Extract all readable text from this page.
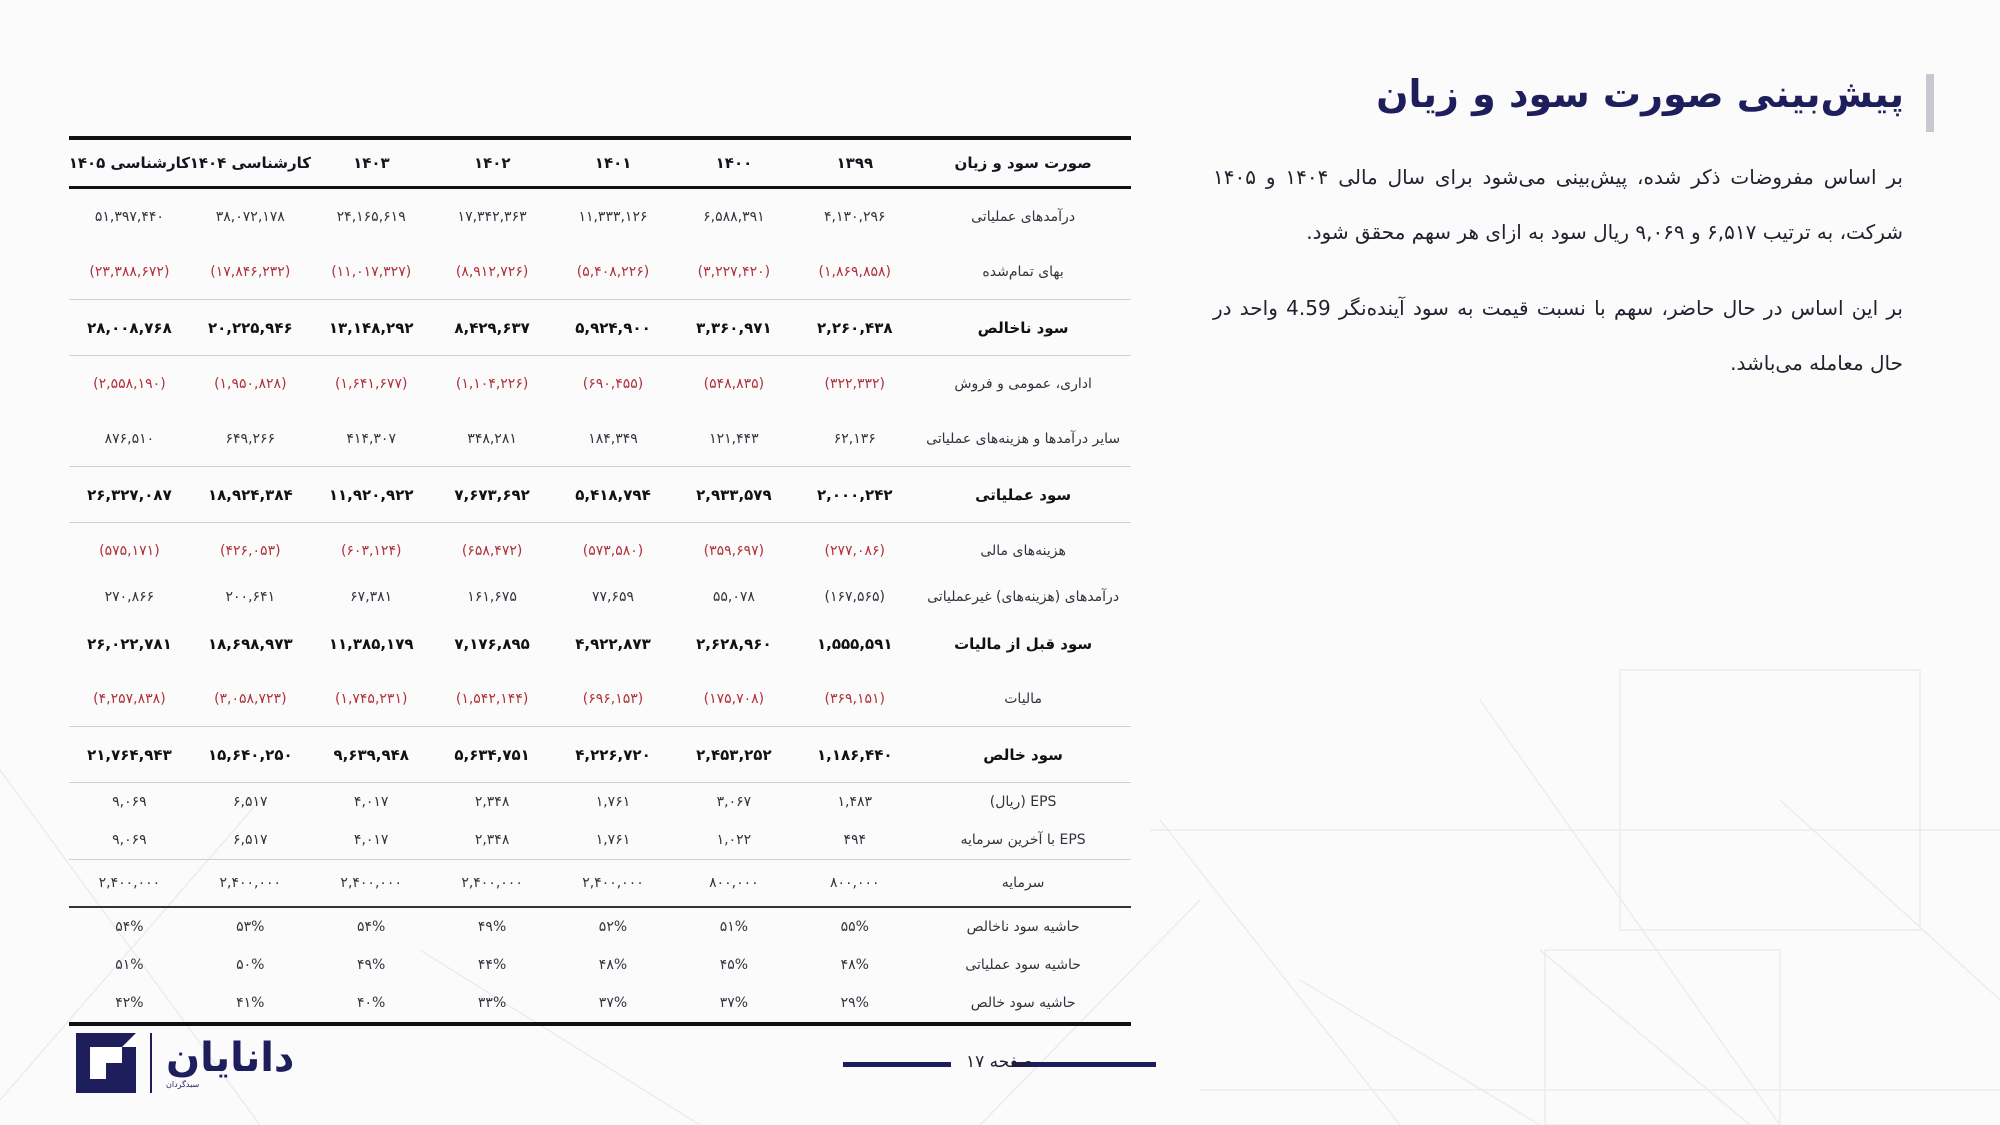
پیش‌بینی صورت سود و زیان
بر اساس مفروضات ذکر شده، پیش‌بینی می‌شود برای سال مالی ۱۴۰۴ و ۱۴۰۵ شرکت، به ترتیب ۶,۵۱۷ و ۹,۰۶۹ ریال سود به ازای هر سهم محقق شود.
بر این اساس در حال حاضر، سهم با نسبت قیمت به سود آینده‌نگر 4.59 واحد در حال معامله می‌باشد.
صورت سود و زیان
۱۳۹۹
۱۴۰۰
۱۴۰۱
۱۴۰۲
۱۴۰۳
کارشناسی ۱۴۰۴
کارشناسی ۱۴۰۵
درآمدهای عملیاتی
۴,۱۳۰,۲۹۶
۶,۵۸۸,۳۹۱
۱۱,۳۳۳,۱۲۶
۱۷,۳۴۲,۳۶۳
۲۴,۱۶۵,۶۱۹
۳۸,۰۷۲,۱۷۸
۵۱,۳۹۷,۴۴۰
بهای تمام‌شده
(۱,۸۶۹,۸۵۸)
(۳,۲۲۷,۴۲۰)
(۵,۴۰۸,۲۲۶)
(۸,۹۱۲,۷۲۶)
(۱۱,۰۱۷,۳۲۷)
(۱۷,۸۴۶,۲۳۲)
(۲۳,۳۸۸,۶۷۲)
سود ناخالص
۲,۲۶۰,۴۳۸
۳,۳۶۰,۹۷۱
۵,۹۲۴,۹۰۰
۸,۴۲۹,۶۳۷
۱۳,۱۴۸,۲۹۲
۲۰,۲۲۵,۹۴۶
۲۸,۰۰۸,۷۶۸
اداری، عمومی و فروش
(۳۲۲,۳۳۲)
(۵۴۸,۸۳۵)
(۶۹۰,۴۵۵)
(۱,۱۰۴,۲۲۶)
(۱,۶۴۱,۶۷۷)
(۱,۹۵۰,۸۲۸)
(۲,۵۵۸,۱۹۰)
سایر درآمدها و هزینه‌های عملیاتی
۶۲,۱۳۶
۱۲۱,۴۴۳
۱۸۴,۳۴۹
۳۴۸,۲۸۱
۴۱۴,۳۰۷
۶۴۹,۲۶۶
۸۷۶,۵۱۰
سود عملیاتی
۲,۰۰۰,۲۴۲
۲,۹۳۳,۵۷۹
۵,۴۱۸,۷۹۴
۷,۶۷۳,۶۹۲
۱۱,۹۲۰,۹۲۲
۱۸,۹۲۴,۳۸۴
۲۶,۳۲۷,۰۸۷
هزینه‌های مالی
(۲۷۷,۰۸۶)
(۳۵۹,۶۹۷)
(۵۷۳,۵۸۰)
(۶۵۸,۴۷۲)
(۶۰۳,۱۲۴)
(۴۲۶,۰۵۳)
(۵۷۵,۱۷۱)
درآمدهای (هزینه‌های) غیرعملیاتی
(۱۶۷,۵۶۵)
۵۵,۰۷۸
۷۷,۶۵۹
۱۶۱,۶۷۵
۶۷,۳۸۱
۲۰۰,۶۴۱
۲۷۰,۸۶۶
سود قبل از مالیات
۱,۵۵۵,۵۹۱
۲,۶۲۸,۹۶۰
۴,۹۲۲,۸۷۳
۷,۱۷۶,۸۹۵
۱۱,۳۸۵,۱۷۹
۱۸,۶۹۸,۹۷۳
۲۶,۰۲۲,۷۸۱
مالیات
(۳۶۹,۱۵۱)
(۱۷۵,۷۰۸)
(۶۹۶,۱۵۳)
(۱,۵۴۲,۱۴۴)
(۱,۷۴۵,۲۳۱)
(۳,۰۵۸,۷۲۳)
(۴,۲۵۷,۸۳۸)
سود خالص
۱,۱۸۶,۴۴۰
۲,۴۵۳,۲۵۲
۴,۲۲۶,۷۲۰
۵,۶۳۴,۷۵۱
۹,۶۳۹,۹۴۸
۱۵,۶۴۰,۲۵۰
۲۱,۷۶۴,۹۴۳
EPS (ریال)
۱,۴۸۳
۳,۰۶۷
۱,۷۶۱
۲,۳۴۸
۴,۰۱۷
۶,۵۱۷
۹,۰۶۹
EPS با آخرین سرمایه
۴۹۴
۱,۰۲۲
۱,۷۶۱
۲,۳۴۸
۴,۰۱۷
۶,۵۱۷
۹,۰۶۹
سرمایه
۸۰۰,۰۰۰
۸۰۰,۰۰۰
۲,۴۰۰,۰۰۰
۲,۴۰۰,۰۰۰
۲,۴۰۰,۰۰۰
۲,۴۰۰,۰۰۰
۲,۴۰۰,۰۰۰
حاشیه سود ناخالص
۵۵%
۵۱%
۵۲%
۴۹%
۵۴%
۵۳%
۵۴%
حاشیه سود عملیاتی
۴۸%
۴۵%
۴۸%
۴۴%
۴۹%
۵۰%
۵۱%
حاشیه سود خالص
۲۹%
۳۷%
۳۷%
۳۳%
۴۰%
۴۱%
۴۲%
دانایان
سبدگردان
صفحه ۱۷
